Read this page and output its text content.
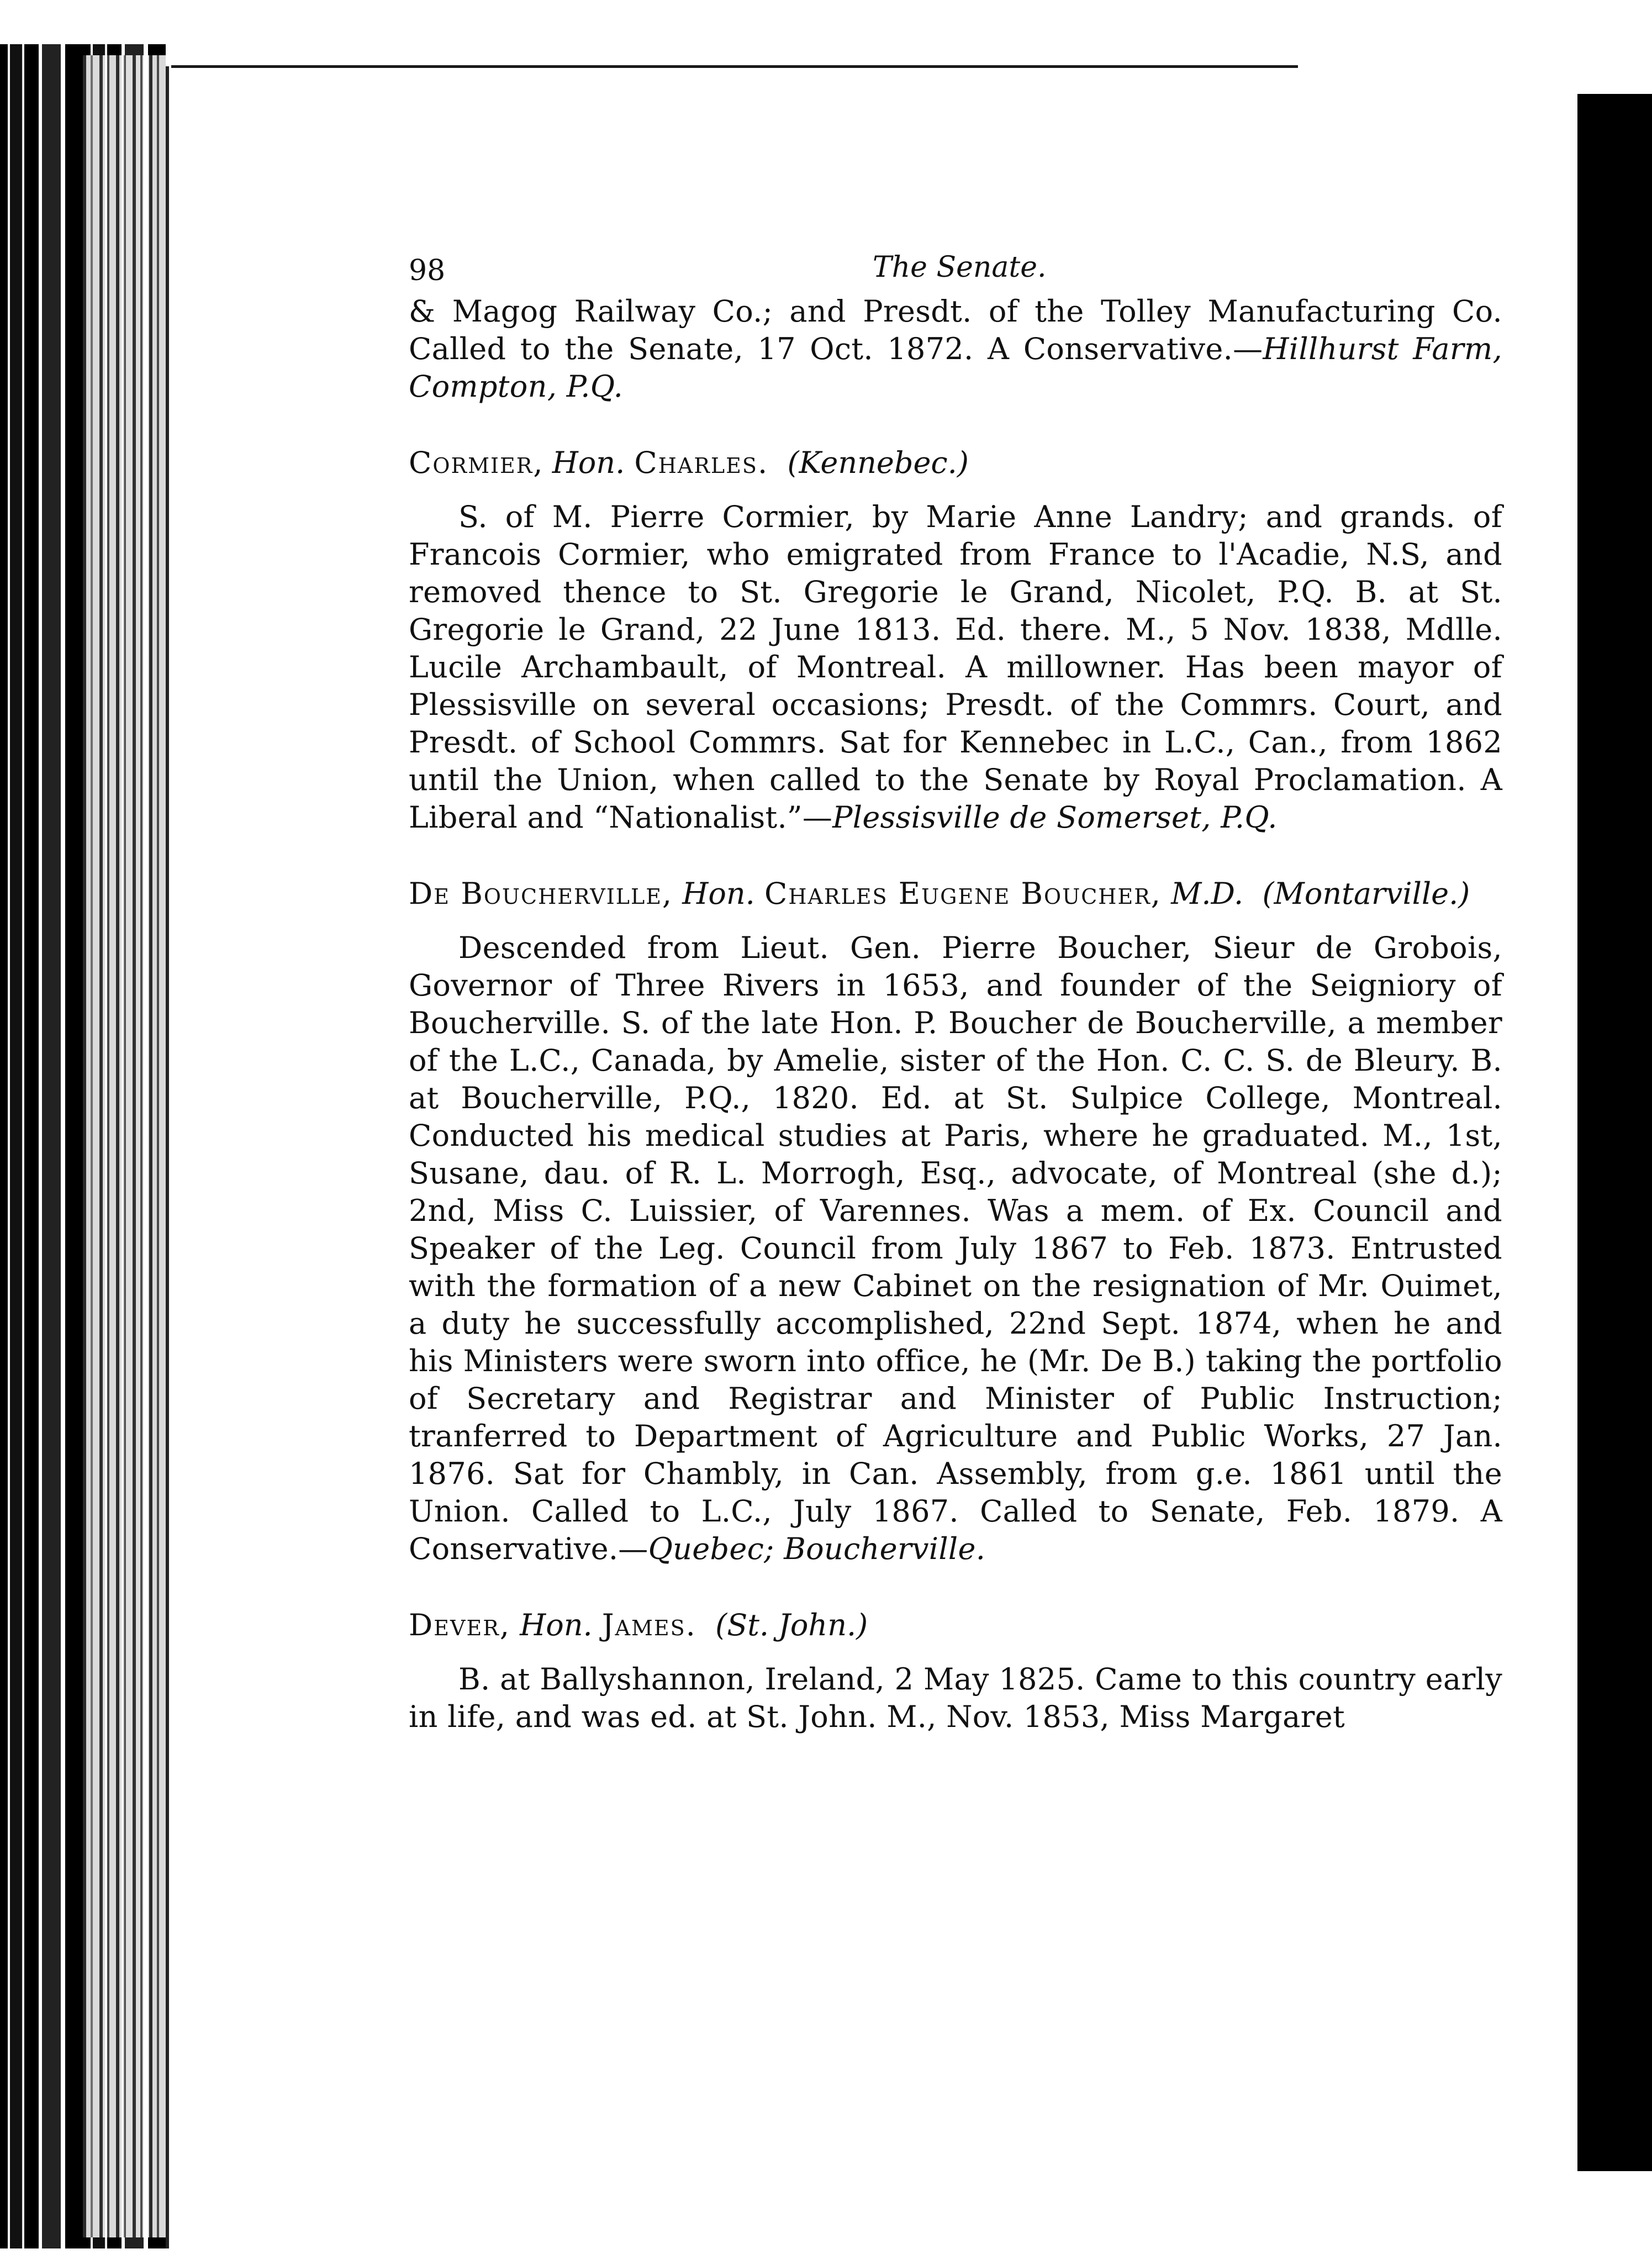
98	The Senate.

& Magog Railway Co.; and Presdt. of the Tolley Manufacturing Co. Called to the Senate, 17 Oct. 1872. A Conservative.—Hillhurst Farm, Compton, P.Q.

Cormier, Hon. Charles. (Kennebec.)

S. of M. Pierre Cormier, by Marie Anne Landry; and grands. of Francois Cormier, who emigrated from France to l'Acadie, N.S, and removed thence to St. Gregorie le Grand, Nicolet, P.Q. B. at St. Gregorie le Grand, 22 June 1813. Ed. there. M., 5 Nov. 1838, Mdlle. Lucile Archambault, of Montreal. A millowner. Has been mayor of Plessisville on several occasions; Presdt. of the Commrs. Court, and Presdt. of School Commrs. Sat for Kennebec in L.C., Can., from 1862 until the Union, when called to the Senate by Royal Proclamation. A Liberal and “Nationalist.”—Plessisville de Somerset, P.Q.

De Boucherville, Hon. Charles Eugene Boucher, M.D. (Montarville.)

Descended from Lieut. Gen. Pierre Boucher, Sieur de Grobois, Governor of Three Rivers in 1653, and founder of the Seigniory of Boucherville. S. of the late Hon. P. Boucher de Boucherville, a member of the L.C., Canada, by Amelie, sister of the Hon. C. C. S. de Bleury. B. at Boucherville, P.Q., 1820. Ed. at St. Sulpice College, Montreal. Conducted his medical studies at Paris, where he graduated. M., 1st, Susane, dau. of R. L. Morrogh, Esq., advocate, of Montreal (she d.); 2nd, Miss C. Luissier, of Varennes. Was a mem. of Ex. Council and Speaker of the Leg. Council from July 1867 to Feb. 1873. Entrusted with the formation of a new Cabinet on the resignation of Mr. Ouimet, a duty he successfully accomplished, 22nd Sept. 1874, when he and his Ministers were sworn into office, he (Mr. De B.) taking the portfolio of Secretary and Registrar and Minister of Public Instruction; tranferred to Department of Agriculture and Public Works, 27 Jan. 1876. Sat for Chambly, in Can. Assembly, from g.e. 1861 until the Union. Called to L.C., July 1867. Called to Senate, Feb. 1879. A Conservative.—Quebec; Boucherville.

Dever, Hon. James. (St. John.)

B. at Ballyshannon, Ireland, 2 May 1825. Came to this country early in life, and was ed. at St. John. M., Nov. 1853, Miss Margaret
